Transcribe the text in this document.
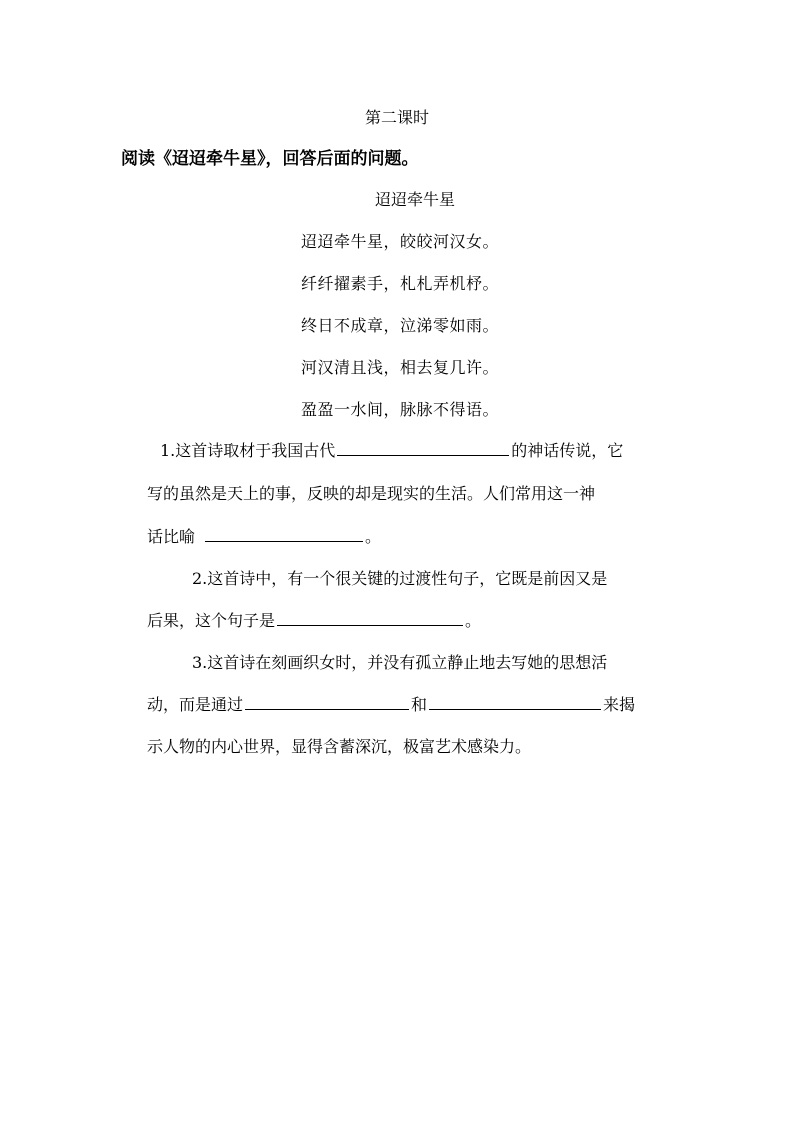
第二课时
阅读《迢迢牵牛星》，回答后面的问题。
迢迢牵牛星
迢迢牵牛星，皎皎河汉女。
纤纤擢素手，札札弄机杼。
终日不成章，泣涕零如雨。
河汉清且浅，相去复几许。
盈盈一水间，脉脉不得语。
1.这首诗取材于我国古代	的神话传说，它
写的虽然是天上的事，反映的却是现实的生活。人们常用这一神
话比喻	。
2.这首诗中，有一个很关键的过渡性句子，它既是前因又是
后果，这个句子是	。
3.这首诗在刻画织女时，并没有孤立静止地去写她的思想活
动，而是通过	和	来揭
示人物的内心世界，显得含蓄深沉，极富艺术感染力。
